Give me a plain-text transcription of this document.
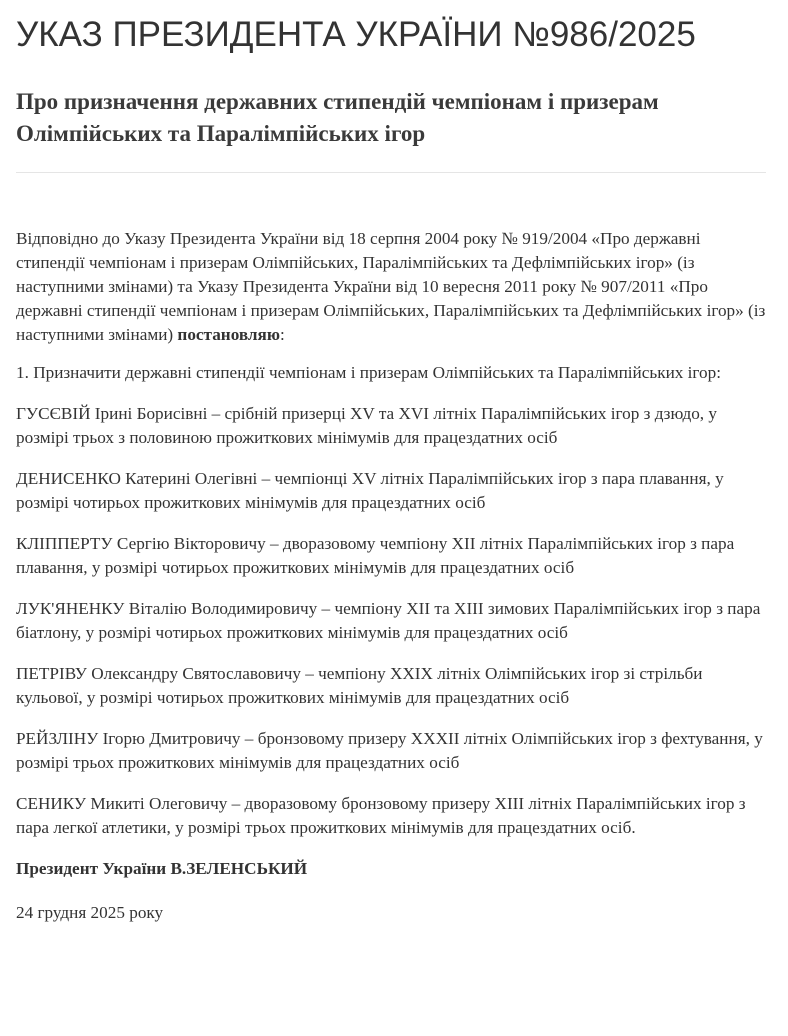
УКАЗ ПРЕЗИДЕНТА УКРАЇНИ №986/2025
Про призначення державних стипендій чемпіонам і призерам Олімпійських та Паралімпійських ігор

Відповідно до Указу Президента України від 18 серпня 2004 року № 919/2004 «Про державні стипендії чемпіонам і призерам Олімпійських, Паралімпійських та Дефлімпійських ігор» (із наступними змінами) та Указу Президента України від 10 вересня 2011 року № 907/2011 «Про державні стипендії чемпіонам і призерам Олімпійських, Паралімпійських та Дефлімпійських ігор» (із наступними змінами) постановляю:

1. Призначити державні стипендії чемпіонам і призерам Олімпійських та Паралімпійських ігор:

ГУСЄВІЙ Ірині Борисівні – срібній призерці XV та XVI літніх Паралімпійських ігор з дзюдо, у розмірі трьох з половиною прожиткових мінімумів для працездатних осіб

ДЕНИСЕНКО Катерині Олегівні – чемпіонці XV літніх Паралімпійських ігор з пара плавання, у розмірі чотирьох прожиткових мінімумів для працездатних осіб

КЛІППЕРТУ Сергію Вікторовичу – дворазовому чемпіону XII літніх Паралімпійських ігор з пара плавання, у розмірі чотирьох прожиткових мінімумів для працездатних осіб

ЛУК'ЯНЕНКУ Віталію Володимировичу – чемпіону XII та XIII зимових Паралімпійських ігор з пара біатлону, у розмірі чотирьох прожиткових мінімумів для працездатних осіб

ПЕТРІВУ Олександру Святославовичу – чемпіону XXIX літніх Олімпійських ігор зі стрільби кульової, у розмірі чотирьох прожиткових мінімумів для працездатних осіб

РЕЙЗЛІНУ Ігорю Дмитровичу – бронзовому призеру XXXII літніх Олімпійських ігор з фехтування, у розмірі трьох прожиткових мінімумів для працездатних осіб

СЕНИКУ Микиті Олеговичу – дворазовому бронзовому призеру XIII літніх Паралімпійських ігор з пара легкої атлетики, у розмірі трьох прожиткових мінімумів для працездатних осіб.

Президент України В.ЗЕЛЕНСЬКИЙ

24 грудня 2025 року
